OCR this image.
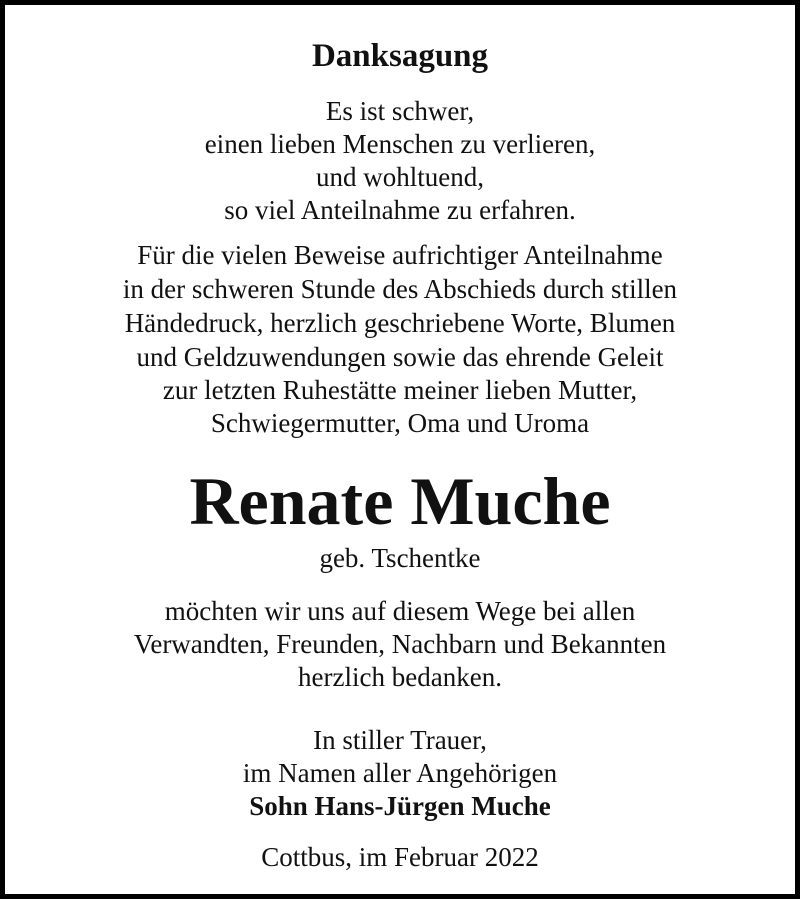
Danksagung
Es ist schwer,
einen lieben Menschen zu verlieren,
und wohltuend,
so viel Anteilnahme zu erfahren.
Für die vielen Beweise aufrichtiger Anteilnahme
in der schweren Stunde des Abschieds durch stillen
Händedruck, herzlich geschriebene Worte, Blumen
und Geldzuwendungen sowie das ehrende Geleit
zur letzten Ruhestätte meiner lieben Mutter,
Schwiegermutter, Oma und Uroma
Renate Muche
geb. Tschentke
möchten wir uns auf diesem Wege bei allen
Verwandten, Freunden, Nachbarn und Bekannten
herzlich bedanken.
In stiller Trauer,
im Namen aller Angehörigen
Sohn Hans-Jürgen Muche
Cottbus, im Februar 2022
